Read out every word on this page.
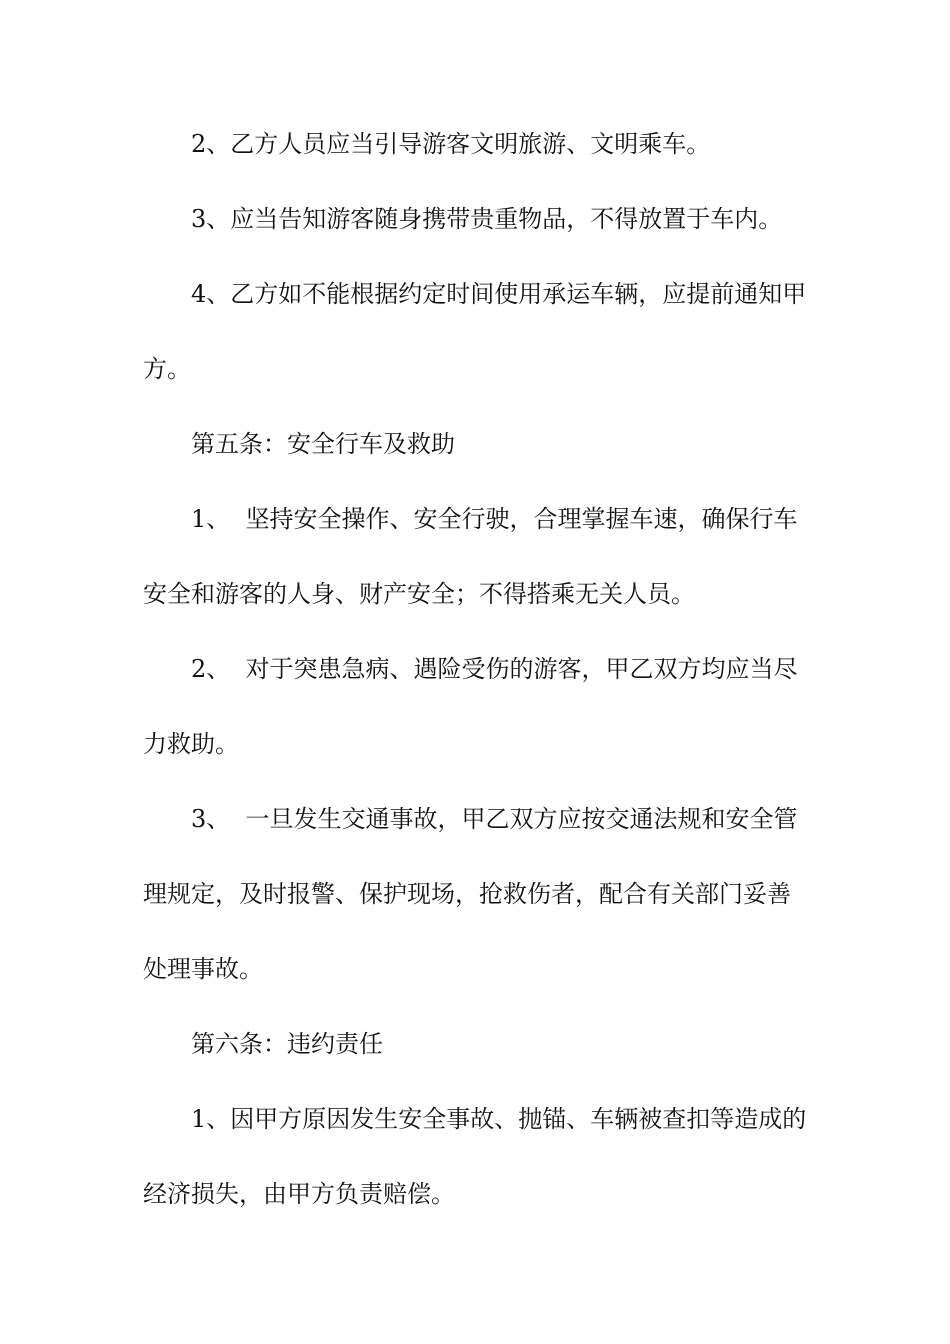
2、乙方人员应当引导游客文明旅游、文明乘车。
3、应当告知游客随身携带贵重物品，不得放置于车内。
4、乙方如不能根据约定时间使用承运车辆，应提前通知甲
方。
第五条：安全行车及救助
1、  坚持安全操作、安全行驶，合理掌握车速，确保行车
安全和游客的人身、财产安全；不得搭乘无关人员。
2、  对于突患急病、遇险受伤的游客，甲乙双方均应当尽
力救助。
3、  一旦发生交通事故，甲乙双方应按交通法规和安全管
理规定，及时报警、保护现场，抢救伤者，配合有关部门妥善
处理事故。
第六条：违约责任
1、因甲方原因发生安全事故、抛锚、车辆被查扣等造成的
经济损失，由甲方负责赔偿。
